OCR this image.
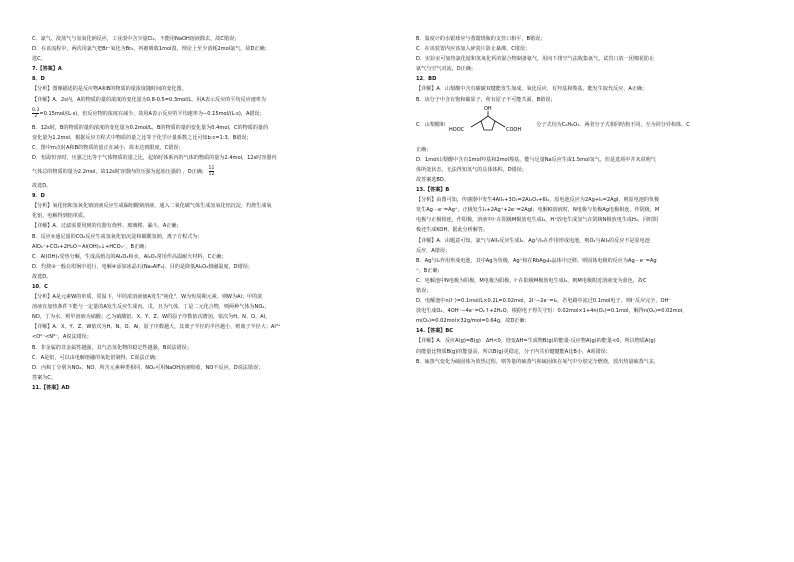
C．氯气、溴蒸气与氢氧化钠反应，工业溴中含少量Cl₂，不能用NaOH溶液除去，故C错误；
D．在该流程中，两次用氯气把Br⁻氧化为Br₂，再被吸收1mol溴，理论上至少消耗2mol氯气，故D正确；
选C。
7.【答案】A
8．D
【分析】图像描述的是反应物A和B的物质的量浓度随时间的变化图。
【详解】A．2s内，A的物质的量的浓度的变化量为0.8-0.5=0.3mol/L，用A表示反应的平均反应速率为
$\frac{0.3}{2} =0.15mol/(L\cdot s)$，但反应物的浓度在减少，故用A表示反应的平均速率为−0.15mol/(L·s)，A错误；
B．12s时，B的物质的量的浓度的变化量为0.2mol/L，B的物质的量的变化量为0.4mol，C的物质的量的
变化量为1.2mol，根据反应方程式中物质的量之比等于化学计量系数之比可知b:c=1:3，B错误；
C．图中m点时A和B的物质的量正在减小，故未达到限度，C错误；
D．恒温恒容时，压强之比等于气体物质的量之比，起始时体系内的气体的物质的量为2.4mol，12s时容器内
气体总的物质的量为2.2mol，故12s时容器内的压强为起始压强的 ，D正确； $\frac{11}{12}$
故选D。
9．D
【分析】氧化铝和氢氧化钠溶液反应生成偏铝酸钠溶液，通入二氧化碳气体生成氢氧化铝沉淀，灼烧生成氧
化铝，电解得到铝单质。
【详解】A．过滤需要用到的仪器有烧杯、玻璃棒、漏斗，A正确；
B．反应②通足量的CO₂反应生成氢氧化铝沉淀和碳酸氢钠，离子方程式为：
AlO₂⁻+CO₂+2H₂O＝Al(OH)₃↓+HCO₃⁻，B正确；
C．Al(OH)₃受热分解，生成高熔点的Al₂O₃和水，Al₂O₃常用作高温耐火材料，C正确；
D．灼烧③一般在坩埚中进行，电解④添加冰晶石(Na₃AlF₆)，目的是降低Al₂O₃熔融温度，D错误；
故选D。
10．C
【分析】A是元素W的单质，常温下，甲的浓溶液使A发生"钝化"，W为短周期元素，则W为Al；甲的浓
溶液在加热条件下能与一定量的A发生反应生成丙、戊，且为气体，丁是二元化合物，则两种气体为NO₂、
NO，丁为水，则甲溶液为硝酸；乙为硝酸铝。X、Y、Z、W的原子序数依次增加，依次为H、N、O、Al。
【详解】A．X、Y、Z、W依次为H、N、O、Al，原子序数越大，其离子半径的半径越小，则离子半径大：Al³⁺
<O²⁻<N³⁻，A说法错误；
B．非金属的非金属性越强，其气态氢化物的稳定性越强，B说法错误；
C．A是铝，可以由电解熔融的氧化铝制得，C说法正确；
D．丙和丁分别为NO₂、NO，所含元素种类相同，NO₂可用NaOH溶液吸收，NO不反应，D说法错误；
答案为C。
11.【答案】AD
B．温度计的水银球应与蒸馏烧瓶的支管口相平，B错误；
C．在该装置内应该加入碎瓷片防止暴沸，C错误；
D．实验室可加热氯化铵和氢氧化钙的混合物制备氨气，用向下排空气法收集氨气，试管口放一团棉花防止
氨气与空气对流，D正确；
12．BD
【详解】A．山梨酸中含有碳碳双键能发生加成、氧化反应，有羟基和羧基，能发生取代反应，A正确；
B．该分子中含有饱和碳原子，所有原子不可能共面，B错误；
C．山梨酸和
OH
HOOC	COOH
分子式均为C₆H₈O₂，两者分子式相同结构不同，互为同分异构体，C
正确；
D．1mol山梨酸中含有1mol羟基和2mol羧基，能与足量Na反应生成1.5mol氢气，但是选项中并未说明气
体所处状态，无法得知氢气的具体体积，D错误；
故答案选BD。
13.【答案】B
【分析】由图可知，传感器中发生4AlI₃+3O₂=2Al₂O₃+6I₂，原电池反应为2Ag+I₂=2AgI，则原电池的负极
发生Ag－e⁻=Ag⁺，正极发生I₂+2Ag⁺+2e⁻=2AgI；电解KI溶液时，N电极与负极Ag电极相连，作阴极，M
电极与正极相连，作阳极，溶液中I⁻在阳极M极放电生成I₂，H⁺放电生成氢气在阴极N极放电生成H₂，同时阴
极还生成KOH，据此分析解答。
【详解】A．由题意可知，氯气与AlI₃反应生成I₂，Ag与I₂在作用形成电池，则O₂与AlI₃的反应不是原电池
反应，A错误；
B．Ag与I₂作用形成电池，其中Ag为负极，Ag⁺和在RbAg₄I₅晶体中迁移，则固体电极的反应为Ag－e⁻=Ag
⁺，B正确；
C．电解池中N电极为阴极，M电极为阳极，I⁻在阳极M极放电生成I₂，则M电极附近溶液变为蓝色，故C
错误；
D．电解池中n(I⁻)=0.1mol/L×0.2L=0.02mol，2I⁻−2e⁻=I₂，若电路中流过0.1mol电子，则I⁻反应完全，OH⁻
放电生成O₂，4OH⁻−4e⁻=O₂↑+2H₂O，根据电子得失守恒：0.02mol×1+4n(O₂)=0.1mol，解得n(O₂)=0.02mol，
m(O₂)=0.02mol×32g/mol=0.64g，故D正确；
14.【答案】BC
【详解】A．反应A(g)=B(g)　ΔH<0，焓变ΔH=生成物B(g)的能量-反应物A(g)的能量<0，所以物质A(g)
的能量比物质B(g)的能量高，所以B(g)更稳定，分子内共价键键能A比B小，A项错误；
B．硫蒸气变化为硫固体为放热过程，则等量的硫蒸气和硫固体在氧气中分别完全燃烧，放出热量硫蒸气多，
